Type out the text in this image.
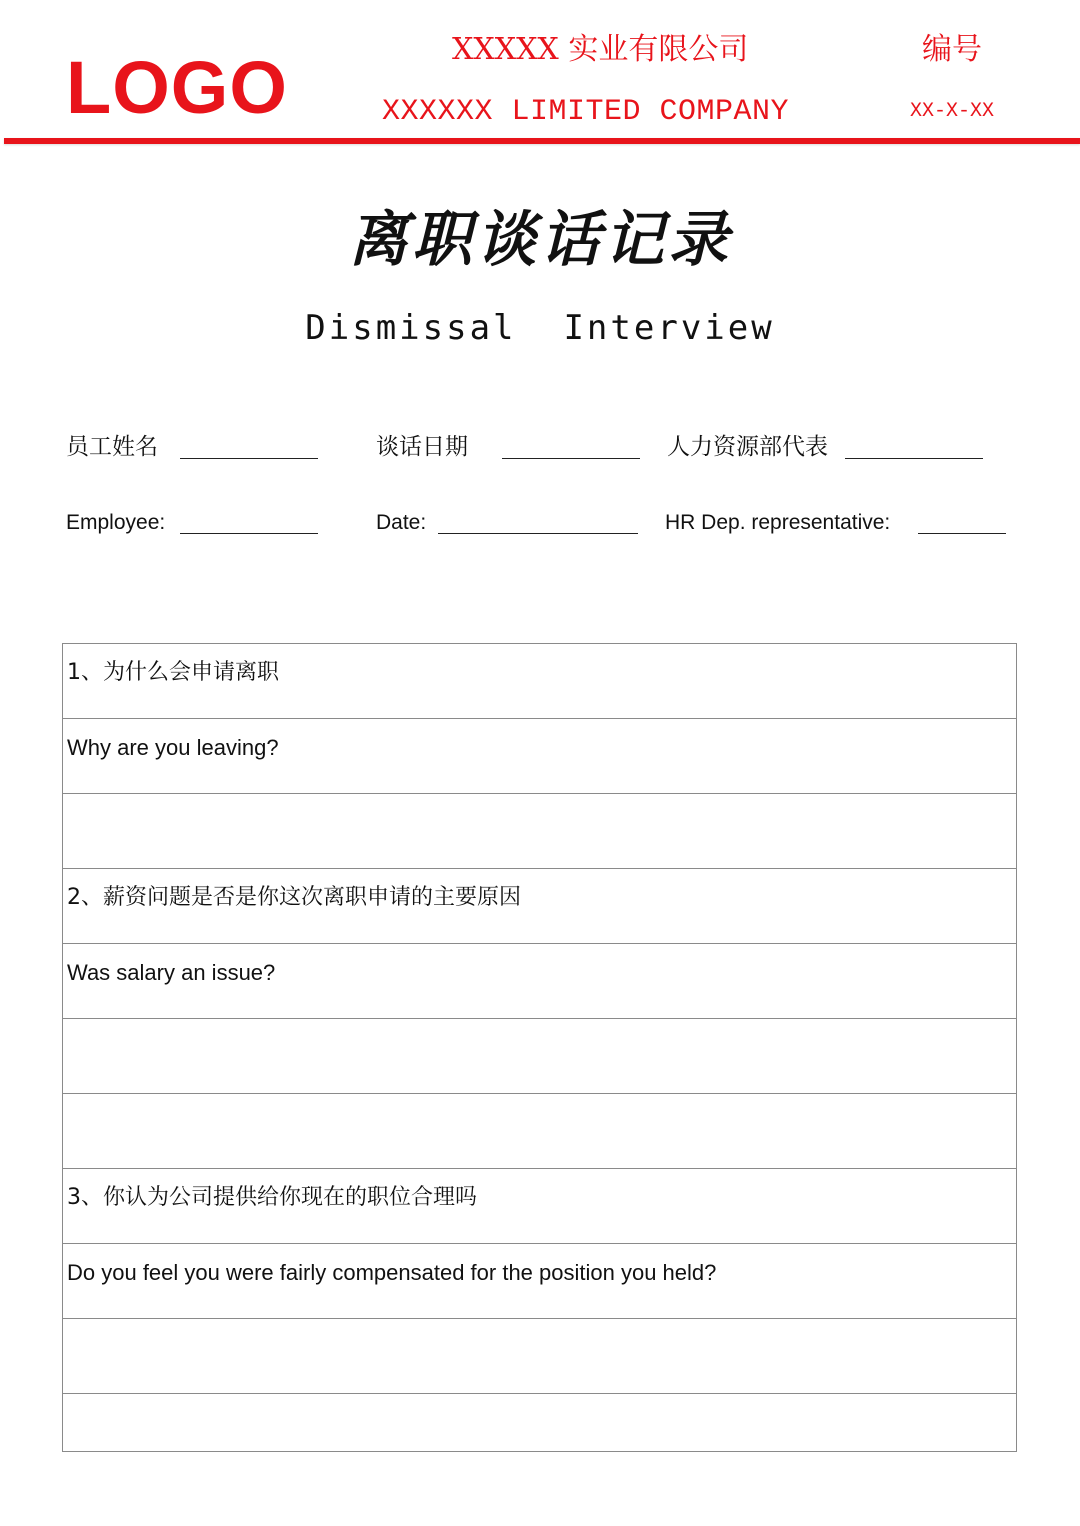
LOGO	XXXXX 实业有限公司
XXXXXX LIMITED COMPANY
编号
XX-X-XX
离职谈话记录
Dismissal  Interview
员工姓名	谈话日期	人力资源部代表
Employee:	Date:	HR Dep. representative:
1、为什么会申请离职
Why are you leaving?
2、薪资问题是否是你这次离职申请的主要原因
Was salary an issue?
3、你认为公司提供给你现在的职位合理吗
Do you feel you were fairly compensated for the position you held?
